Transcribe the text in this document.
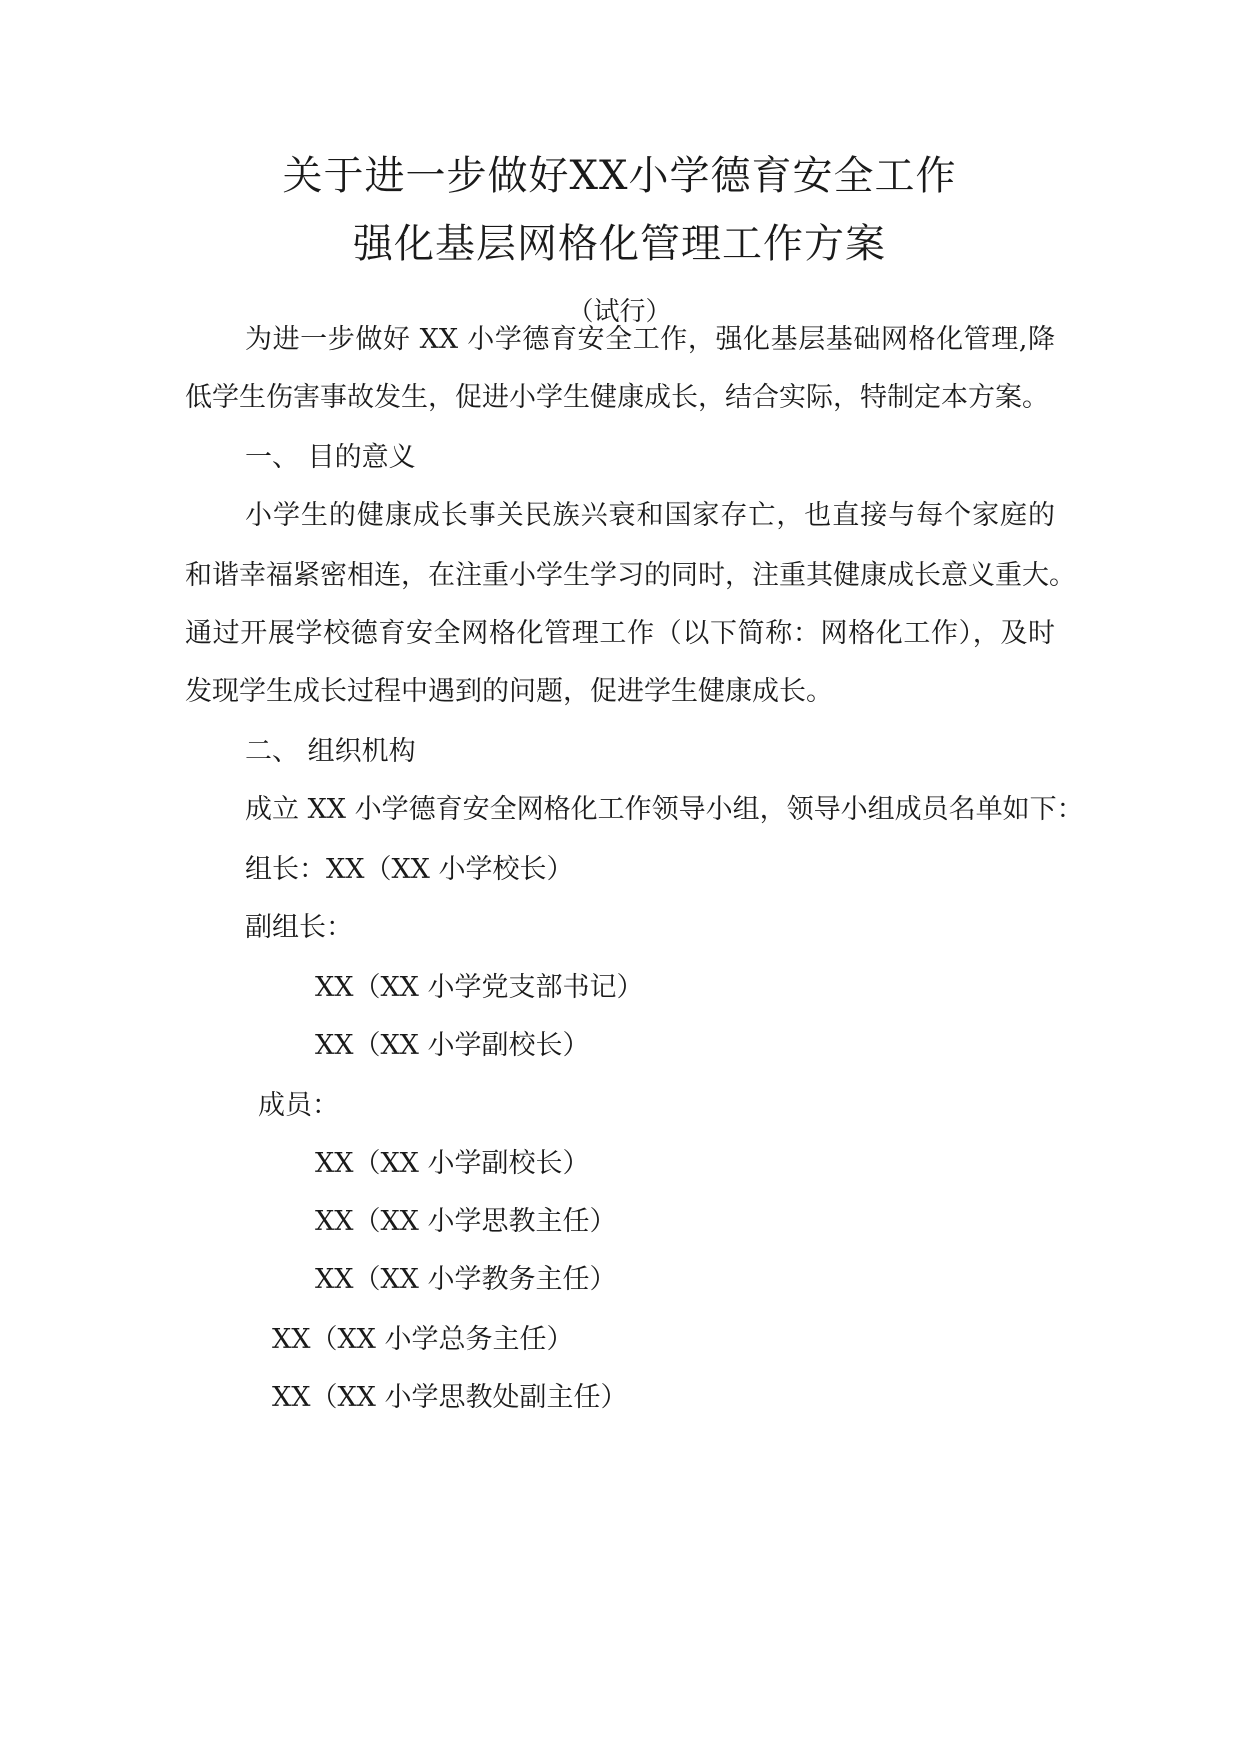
关于进一步做好XX小学德育安全工作
强化基层网格化管理工作方案
（试行）
为进一步做好 XX 小学德育安全工作，强化基层基础网格化管理,降
低学生伤害事故发生，促进小学生健康成长，结合实际，特制定本方案。
一、 目的意义
小学生的健康成长事关民族兴衰和国家存亡，也直接与每个家庭的
和谐幸福紧密相连，在注重小学生学习的同时，注重其健康成长意义重大。
通过开展学校德育安全网格化管理工作（以下简称：网格化工作），及时
发现学生成长过程中遇到的问题，促进学生健康成长。
二、 组织机构
成立 XX 小学德育安全网格化工作领导小组，领导小组成员名单如下：
组长：XX（XX 小学校长）
副组长：
XX（XX 小学党支部书记）
XX（XX 小学副校长）
成员：
XX（XX 小学副校长）
XX（XX 小学思教主任）
XX（XX 小学教务主任）
XX（XX 小学总务主任）
XX（XX 小学思教处副主任）
